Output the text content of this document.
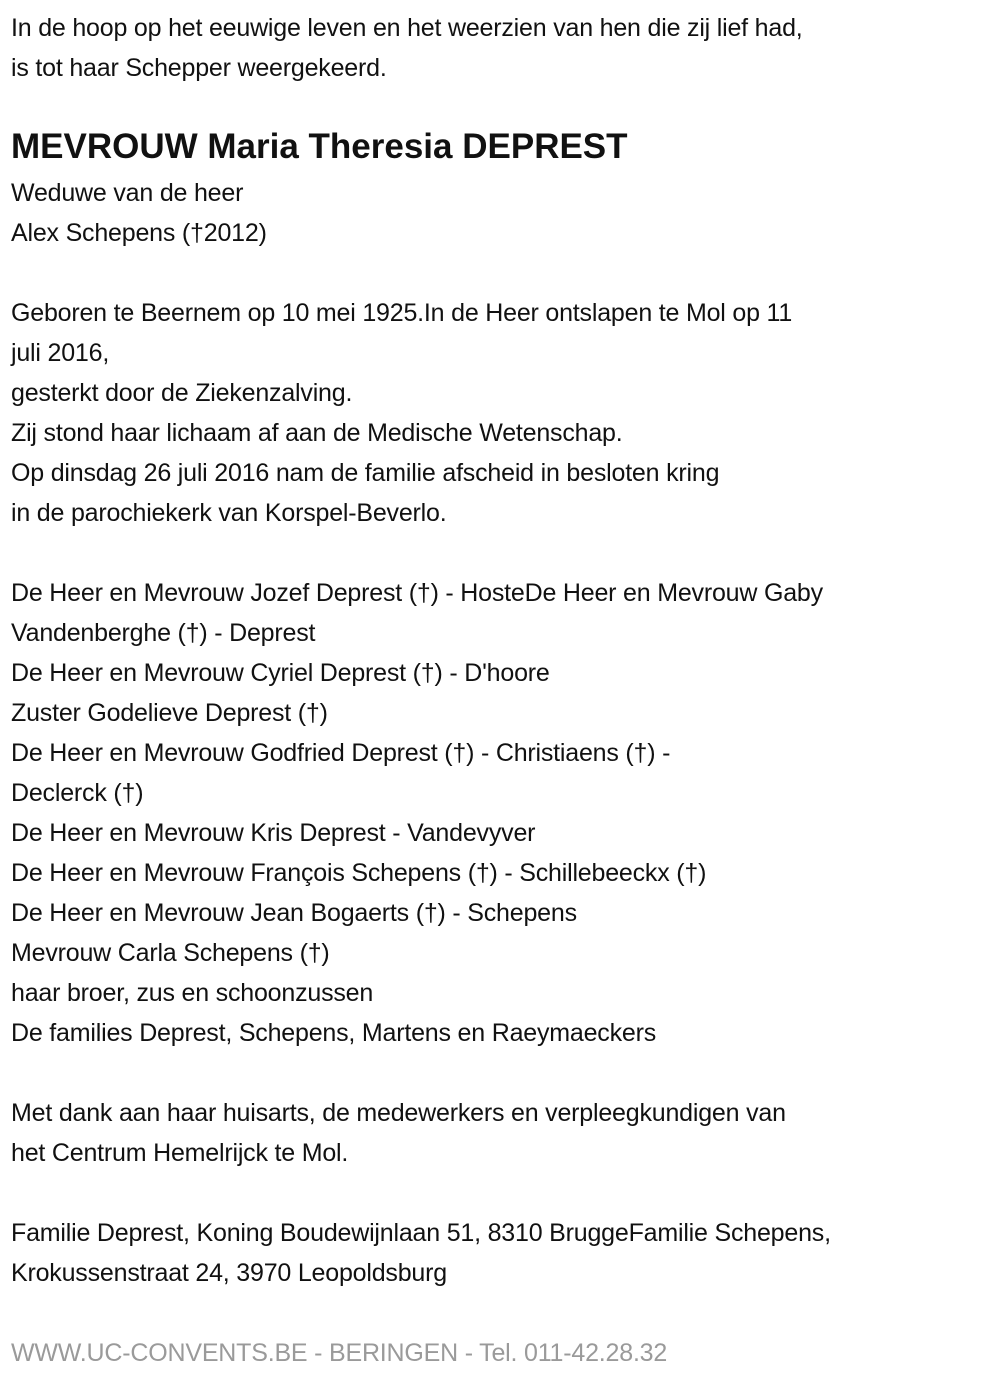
In de hoop op het eeuwige leven en het weerzien van hen die zij lief had,
is tot haar Schepper weergekeerd.
MEVROUW Maria Theresia DEPREST
Weduwe van de heer
Alex Schepens (†2012)
Geboren te Beernem op 10 mei 1925.In de Heer ontslapen te Mol op 11
juli 2016,
gesterkt door de Ziekenzalving.
Zij stond haar lichaam af aan de Medische Wetenschap.
Op dinsdag 26 juli 2016 nam de familie afscheid in besloten kring
in de parochiekerk van Korspel-Beverlo.
De Heer en Mevrouw Jozef Deprest (†) - HosteDe Heer en Mevrouw Gaby
Vandenberghe (†) - Deprest
De Heer en Mevrouw Cyriel Deprest (†) - D'hoore
Zuster Godelieve Deprest (†)
De Heer en Mevrouw Godfried Deprest (†) - Christiaens (†) -
Declerck (†)
De Heer en Mevrouw Kris Deprest - Vandevyver
De Heer en Mevrouw François Schepens (†) - Schillebeeckx (†)
De Heer en Mevrouw Jean Bogaerts (†) - Schepens
Mevrouw Carla Schepens (†)
haar broer, zus en schoonzussen
De families Deprest, Schepens, Martens en Raeymaeckers
Met dank aan haar huisarts, de medewerkers en verpleegkundigen van
het Centrum Hemelrijck te Mol.
Familie Deprest, Koning Boudewijnlaan 51, 8310 BruggeFamilie Schepens,
Krokussenstraat 24, 3970 Leopoldsburg
WWW.UC-CONVENTS.BE - BERINGEN - Tel. 011-42.28.32
